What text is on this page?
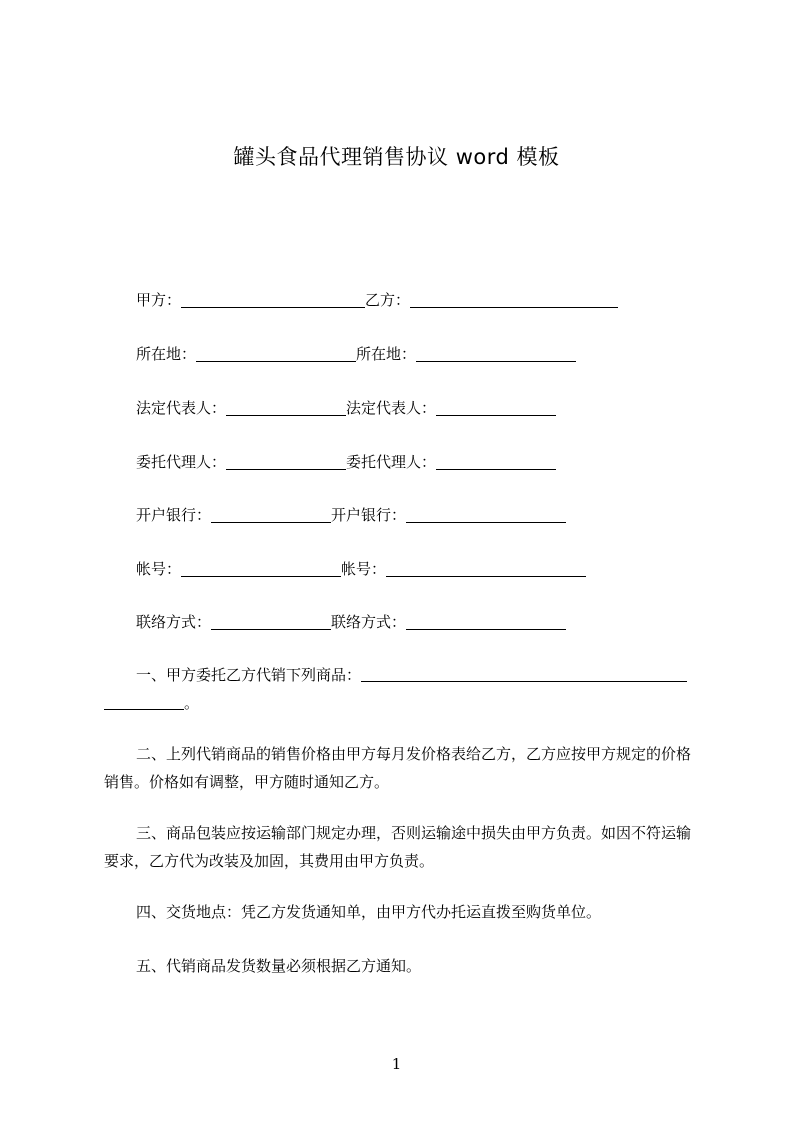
罐头食品代理销售协议 word 模板
甲方：	乙方：
所在地：	所在地：
法定代表人：	法定代表人：
委托代理人：	委托代理人：
开户银行：	开户银行：
帐号：	帐号：
联络方式：	联络方式：
一、甲方委托乙方代销下列商品：
。
二、上列代销商品的销售价格由甲方每月发价格表给乙方，乙方应按甲方规定的价格销售。价格如有调整，甲方随时通知乙方。
三、商品包装应按运输部门规定办理，否则运输途中损失由甲方负责。如因不符运输要求，乙方代为改装及加固，其费用由甲方负责。
四、交货地点：凭乙方发货通知单，由甲方代办托运直拨至购货单位。
五、代销商品发货数量必须根据乙方通知。
1
